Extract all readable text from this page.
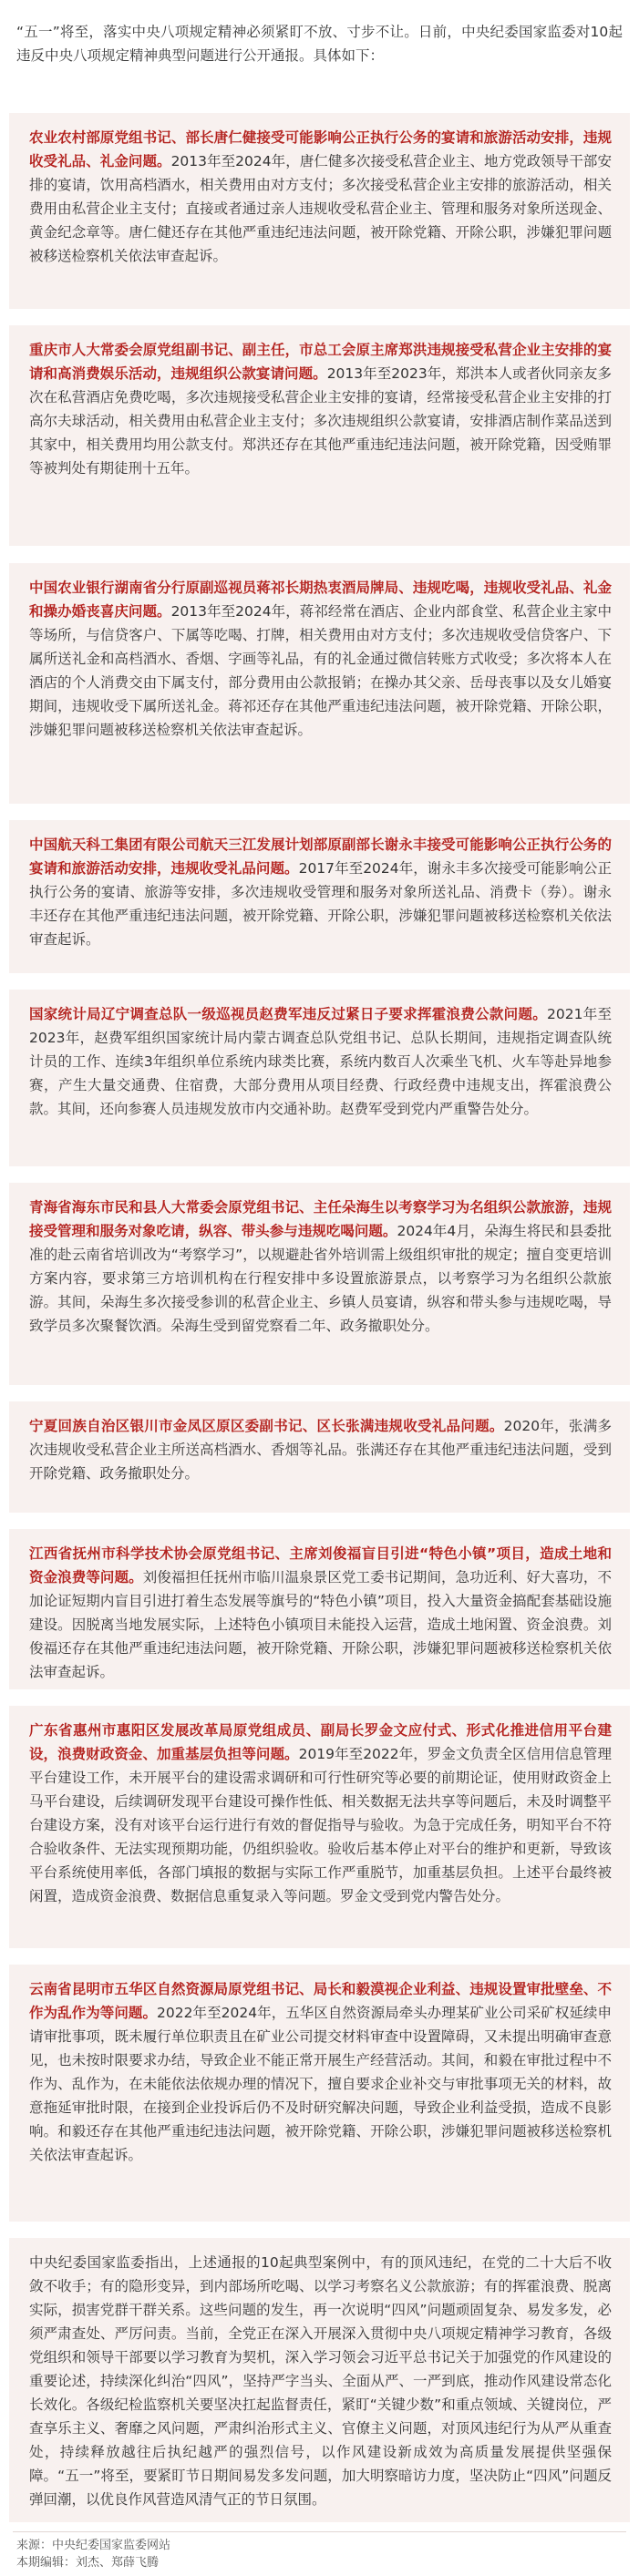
“五一”将至，落实中央八项规定精神必须紧盯不放、寸步不让。日前，中央纪委国家监委对10起违反中央八项规定精神典型问题进行公开通报。具体如下：

农业农村部原党组书记、部长唐仁健接受可能影响公正执行公务的宴请和旅游活动安排，违规收受礼品、礼金问题。2013年至2024年，唐仁健多次接受私营企业主、地方党政领导干部安排的宴请，饮用高档酒水，相关费用由对方支付；多次接受私营企业主安排的旅游活动，相关费用由私营企业主支付；直接或者通过亲人违规收受私营企业主、管理和服务对象所送现金、黄金纪念章等。唐仁健还存在其他严重违纪违法问题，被开除党籍、开除公职，涉嫌犯罪问题被移送检察机关依法审查起诉。
重庆市人大常委会原党组副书记、副主任，市总工会原主席郑洪违规接受私营企业主安排的宴请和高消费娱乐活动，违规组织公款宴请问题。2013年至2023年，郑洪本人或者伙同亲友多次在私营酒店免费吃喝，多次违规接受私营企业主安排的宴请，经常接受私营企业主安排的打高尔夫球活动，相关费用由私营企业主支付；多次违规组织公款宴请，安排酒店制作菜品送到其家中，相关费用均用公款支付。郑洪还存在其他严重违纪违法问题，被开除党籍，因受贿罪等被判处有期徒刑十五年。
中国农业银行湖南省分行原副巡视员蒋祁长期热衷酒局牌局、违规吃喝，违规收受礼品、礼金和操办婚丧喜庆问题。2013年至2024年，蒋祁经常在酒店、企业内部食堂、私营企业主家中等场所，与信贷客户、下属等吃喝、打牌，相关费用由对方支付；多次违规收受信贷客户、下属所送礼金和高档酒水、香烟、字画等礼品，有的礼金通过微信转账方式收受；多次将本人在酒店的个人消费交由下属支付，部分费用由公款报销；在操办其父亲、岳母丧事以及女儿婚宴期间，违规收受下属所送礼金。蒋祁还存在其他严重违纪违法问题，被开除党籍、开除公职，涉嫌犯罪问题被移送检察机关依法审查起诉。
中国航天科工集团有限公司航天三江发展计划部原副部长谢永丰接受可能影响公正执行公务的宴请和旅游活动安排，违规收受礼品问题。2017年至2024年，谢永丰多次接受可能影响公正执行公务的宴请、旅游等安排，多次违规收受管理和服务对象所送礼品、消费卡（券）。谢永丰还存在其他严重违纪违法问题，被开除党籍、开除公职，涉嫌犯罪问题被移送检察机关依法审查起诉。
国家统计局辽宁调查总队一级巡视员赵费军违反过紧日子要求挥霍浪费公款问题。2021年至2023年，赵费军组织国家统计局内蒙古调查总队党组书记、总队长期间，违规指定调查队统计员的工作、连续3年组织单位系统内球类比赛，系统内数百人次乘坐飞机、火车等赴异地参赛，产生大量交通费、住宿费，大部分费用从项目经费、行政经费中违规支出，挥霍浪费公款。其间，还向参赛人员违规发放市内交通补助。赵费军受到党内严重警告处分。
青海省海东市民和县人大常委会原党组书记、主任朵海生以考察学习为名组织公款旅游，违规接受管理和服务对象吃请，纵容、带头参与违规吃喝问题。2024年4月，朵海生将民和县委批准的赴云南省培训改为“考察学习”，以规避赴省外培训需上级组织审批的规定；擅自变更培训方案内容，要求第三方培训机构在行程安排中多设置旅游景点，以考察学习为名组织公款旅游。其间，朵海生多次接受参训的私营企业主、乡镇人员宴请，纵容和带头参与违规吃喝，导致学员多次聚餐饮酒。朵海生受到留党察看二年、政务撤职处分。
宁夏回族自治区银川市金凤区原区委副书记、区长张满违规收受礼品问题。2020年，张满多次违规收受私营企业主所送高档酒水、香烟等礼品。张满还存在其他严重违纪违法问题，受到开除党籍、政务撤职处分。
江西省抚州市科学技术协会原党组书记、主席刘俊福盲目引进“特色小镇”项目，造成土地和资金浪费等问题。刘俊福担任抚州市临川温泉景区党工委书记期间，急功近利、好大喜功，不加论证短期内盲目引进打着生态发展等旗号的“特色小镇”项目，投入大量资金搞配套基础设施建设。因脱离当地发展实际，上述特色小镇项目未能投入运营，造成土地闲置、资金浪费。刘俊福还存在其他严重违纪违法问题，被开除党籍、开除公职，涉嫌犯罪问题被移送检察机关依法审查起诉。
广东省惠州市惠阳区发展改革局原党组成员、副局长罗金文应付式、形式化推进信用平台建设，浪费财政资金、加重基层负担等问题。2019年至2022年，罗金文负责全区信用信息管理平台建设工作，未开展平台的建设需求调研和可行性研究等必要的前期论证，使用财政资金上马平台建设，后续调研发现平台建设可操作性低、相关数据无法共享等问题后，未及时调整平台建设方案，没有对该平台运行进行有效的督促指导与验收。为急于完成任务，明知平台不符合验收条件、无法实现预期功能，仍组织验收。验收后基本停止对平台的维护和更新，导致该平台系统使用率低，各部门填报的数据与实际工作严重脱节，加重基层负担。上述平台最终被闲置，造成资金浪费、数据信息重复录入等问题。罗金文受到党内警告处分。
云南省昆明市五华区自然资源局原党组书记、局长和毅漠视企业利益、违规设置审批壁垒、不作为乱作为等问题。2022年至2024年，五华区自然资源局牵头办理某矿业公司采矿权延续申请审批事项，既未履行单位职责且在矿业公司提交材料审查中设置障碍，又未提出明确审查意见，也未按时限要求办结，导致企业不能正常开展生产经营活动。其间，和毅在审批过程中不作为、乱作为，在未能依法依规办理的情况下，擅自要求企业补交与审批事项无关的材料，故意拖延审批时限，在接到企业投诉后仍不及时研究解决问题，导致企业利益受损，造成不良影响。和毅还存在其他严重违纪违法问题，被开除党籍、开除公职，涉嫌犯罪问题被移送检察机关依法审查起诉。
中央纪委国家监委指出，上述通报的10起典型案例中，有的顶风违纪，在党的二十大后不收敛不收手；有的隐形变异，到内部场所吃喝、以学习考察名义公款旅游；有的挥霍浪费、脱离实际，损害党群干群关系。这些问题的发生，再一次说明“四风”问题顽固复杂、易发多发，必须严肃查处、严厉问责。当前，全党正在深入开展深入贯彻中央八项规定精神学习教育，各级党组织和领导干部要以学习教育为契机，深入学习领会习近平总书记关于加强党的作风建设的重要论述，持续深化纠治“四风”，坚持严字当头、全面从严、一严到底，推动作风建设常态化长效化。各级纪检监察机关要坚决扛起监督责任，紧盯“关键少数”和重点领域、关键岗位，严查享乐主义、奢靡之风问题，严肃纠治形式主义、官僚主义问题，对顶风违纪行为从严从重查处，持续释放越往后执纪越严的强烈信号，以作风建设新成效为高质量发展提供坚强保障。“五一”将至，要紧盯节日期间易发多发问题，加大明察暗访力度，坚决防止“四风”问题反弹回潮，以优良作风营造风清气正的节日氛围。
来源：中央纪委国家监委网站
本期编辑：刘杰、郑薛飞腾
